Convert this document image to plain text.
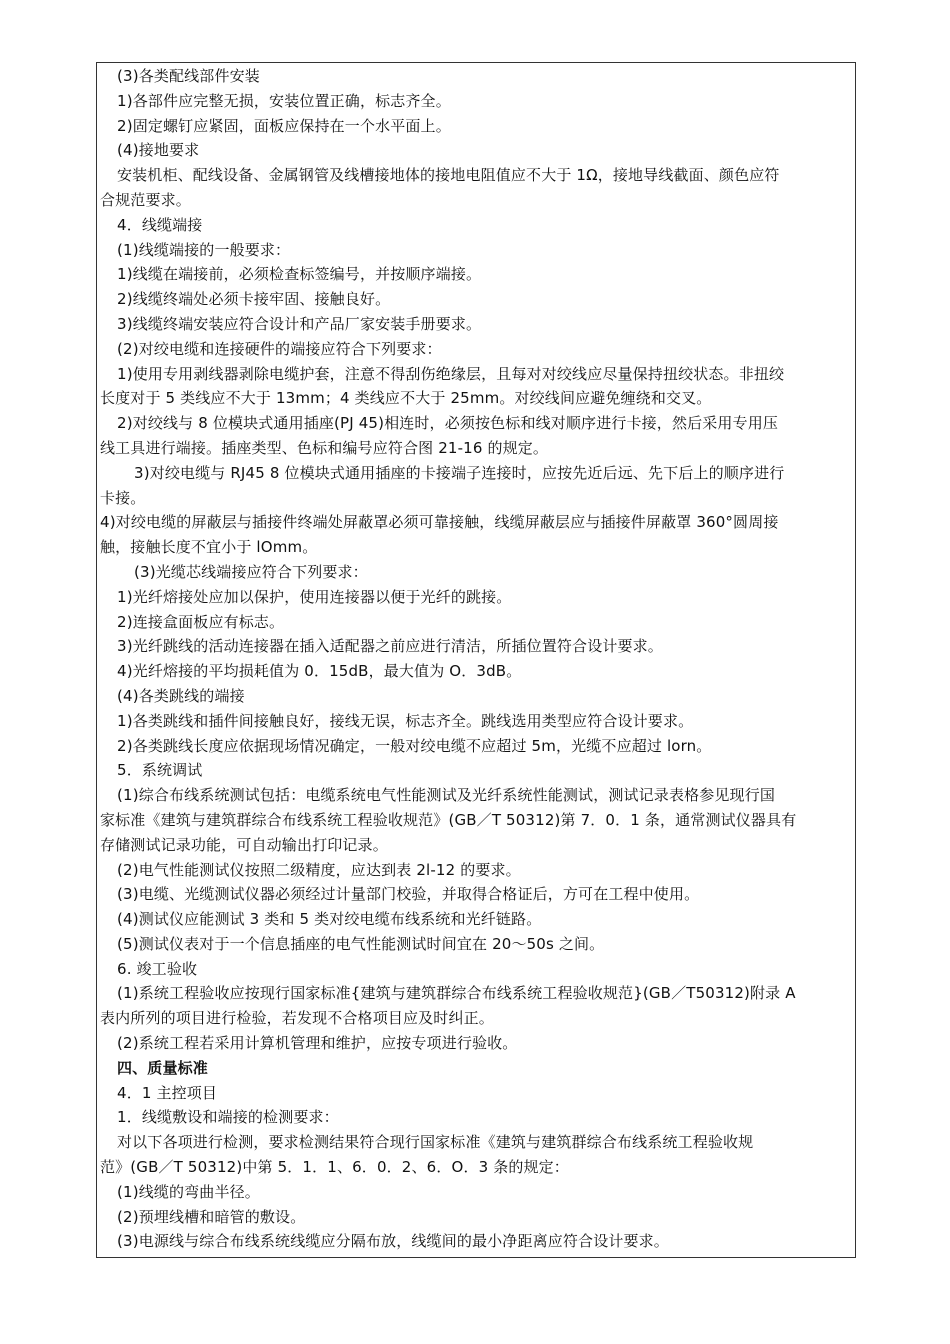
(3)各类配线部件安装
1)各部件应完整无损，安装位置正确，标志齐全。
2)固定螺钉应紧固，面板应保持在一个水平面上。
(4)接地要求
安装机柜、配线设备、金属钢管及线槽接地体的接地电阻值应不大于 1Ω，接地导线截面、颜色应符
合规范要求。
4．线缆端接
(1)线缆端接的一般要求：
1)线缆在端接前，必须检查标签编号，并按顺序端接。
2)线缆终端处必须卡接牢固、接触良好。
3)线缆终端安装应符合设计和产品厂家安装手册要求。
(2)对绞电缆和连接硬件的端接应符合下列要求：
1)使用专用剥线器剥除电缆护套，注意不得刮伤绝缘层，且每对对绞线应尽量保持扭绞状态。非扭绞
长度对于 5 类线应不大于 13mm；4 类线应不大于 25mm。对绞线间应避免缠绕和交叉。
2)对绞线与 8 位模块式通用插座(PJ 45)相连时，必须按色标和线对顺序进行卡接，然后采用专用压
线工具进行端接。插座类型、色标和编号应符合图 21-16 的规定。
3)对绞电缆与 RJ45 8 位模块式通用插座的卡接端子连接时，应按先近后远、先下后上的顺序进行
卡接。
4)对绞电缆的屏蔽层与插接件终端处屏蔽罩必须可靠接触，线缆屏蔽层应与插接件屏蔽罩 360°圆周接
触，接触长度不宜小于 lOmm。
(3)光缆芯线端接应符合下列要求：
1)光纤熔接处应加以保护，使用连接器以便于光纤的跳接。
2)连接盒面板应有标志。
3)光纤跳线的活动连接器在插入适配器之前应进行清洁，所插位置符合设计要求。
4)光纤熔接的平均损耗值为 0．15dB，最大值为 O．3dB。
(4)各类跳线的端接
1)各类跳线和插件间接触良好，接线无误，标志齐全。跳线选用类型应符合设计要求。
2)各类跳线长度应依据现场情况确定，一般对绞电缆不应超过 5m，光缆不应超过 lorn。
5．系统调试
(1)综合布线系统测试包括：电缆系统电气性能测试及光纤系统性能测试，测试记录表格参见现行国
家标准《建筑与建筑群综合布线系统工程验收规范》(GB／T 50312)第 7．0．1 条，通常测试仪器具有
存储测试记录功能，可自动输出打印记录。
(2)电气性能测试仪按照二级精度，应达到表 2l-12 的要求。
(3)电缆、光缆测试仪器必须经过计量部门校验，并取得合格证后，方可在工程中使用。
(4)测试仪应能测试 3 类和 5 类对绞电缆布线系统和光纤链路。
(5)测试仪表对于一个信息插座的电气性能测试时间宜在 20～50s 之间。
6. 竣工验收
(1)系统工程验收应按现行国家标准{建筑与建筑群综合布线系统工程验收规范}(GB／T50312)附录 A
表内所列的项目进行检验，若发现不合格项目应及时纠正。
(2)系统工程若采用计算机管理和维护，应按专项进行验收。
四、质量标准
4．1 主控项目
1．线缆敷设和端接的检测要求：
对以下各项进行检测，要求检测结果符合现行国家标准《建筑与建筑群综合布线系统工程验收规
范》(GB／T 50312)中第 5．1．1、6．0．2、6．O．3 条的规定：
(1)线缆的弯曲半径。
(2)预埋线槽和暗管的敷设。
(3)电源线与综合布线系统线缆应分隔布放，线缆间的最小净距离应符合设计要求。
